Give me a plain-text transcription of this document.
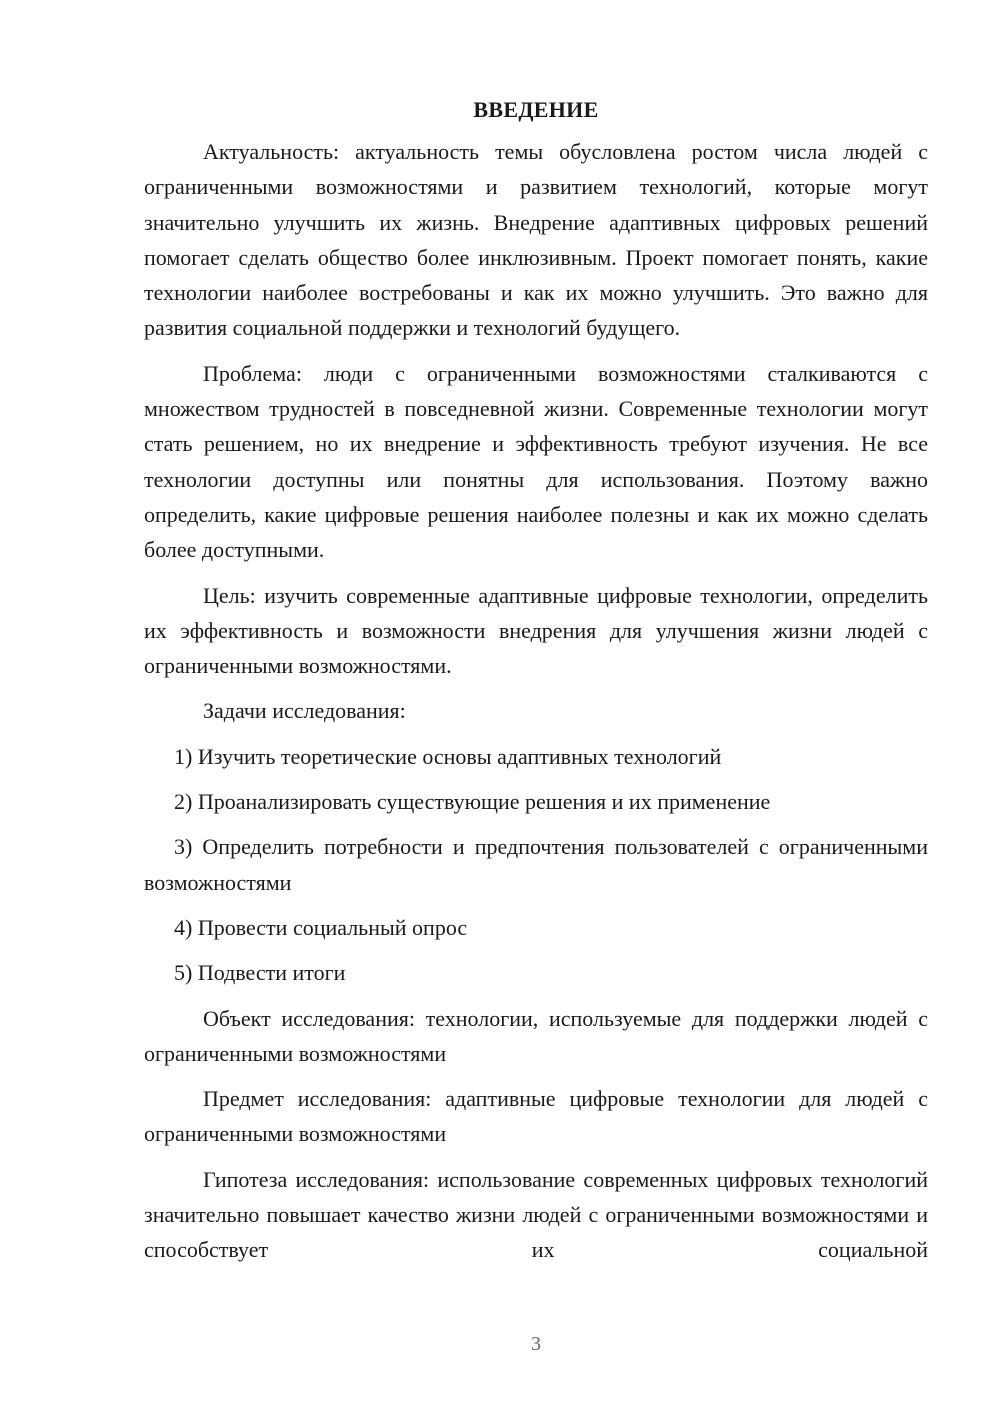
ВВЕДЕНИЕ

Актуальность: актуальность темы обусловлена ростом числа людей с ограниченными возможностями и развитием технологий, которые могут значительно улучшить их жизнь. Внедрение адаптивных цифровых решений помогает сделать общество более инклюзивным. Проект помогает понять, какие технологии наиболее востребованы и как их можно улучшить. Это важно для развития социальной поддержки и технологий будущего.

Проблема: люди с ограниченными возможностями сталкиваются с множеством трудностей в повседневной жизни. Современные технологии могут стать решением, но их внедрение и эффективность требуют изучения. Не все технологии доступны или понятны для использования. Поэтому важно определить, какие цифровые решения наиболее полезны и как их можно сделать более доступными.

Цель: изучить современные адаптивные цифровые технологии, определить их эффективность и возможности внедрения для улучшения жизни людей с ограниченными возможностями.

Задачи исследования:

1) Изучить теоретические основы адаптивных технологий

2) Проанализировать существующие решения и их применение

3) Определить потребности и предпочтения пользователей с ограниченными возможностями

4) Провести социальный опрос

5) Подвести итоги

Объект исследования: технологии, используемые для поддержки людей с ограниченными возможностями

Предмет исследования: адаптивные цифровые технологии для людей с ограниченными возможностями

Гипотеза исследования: использование современных цифровых технологий значительно повышает качество жизни людей с ограниченными возможностями и способствует их социальной

3
